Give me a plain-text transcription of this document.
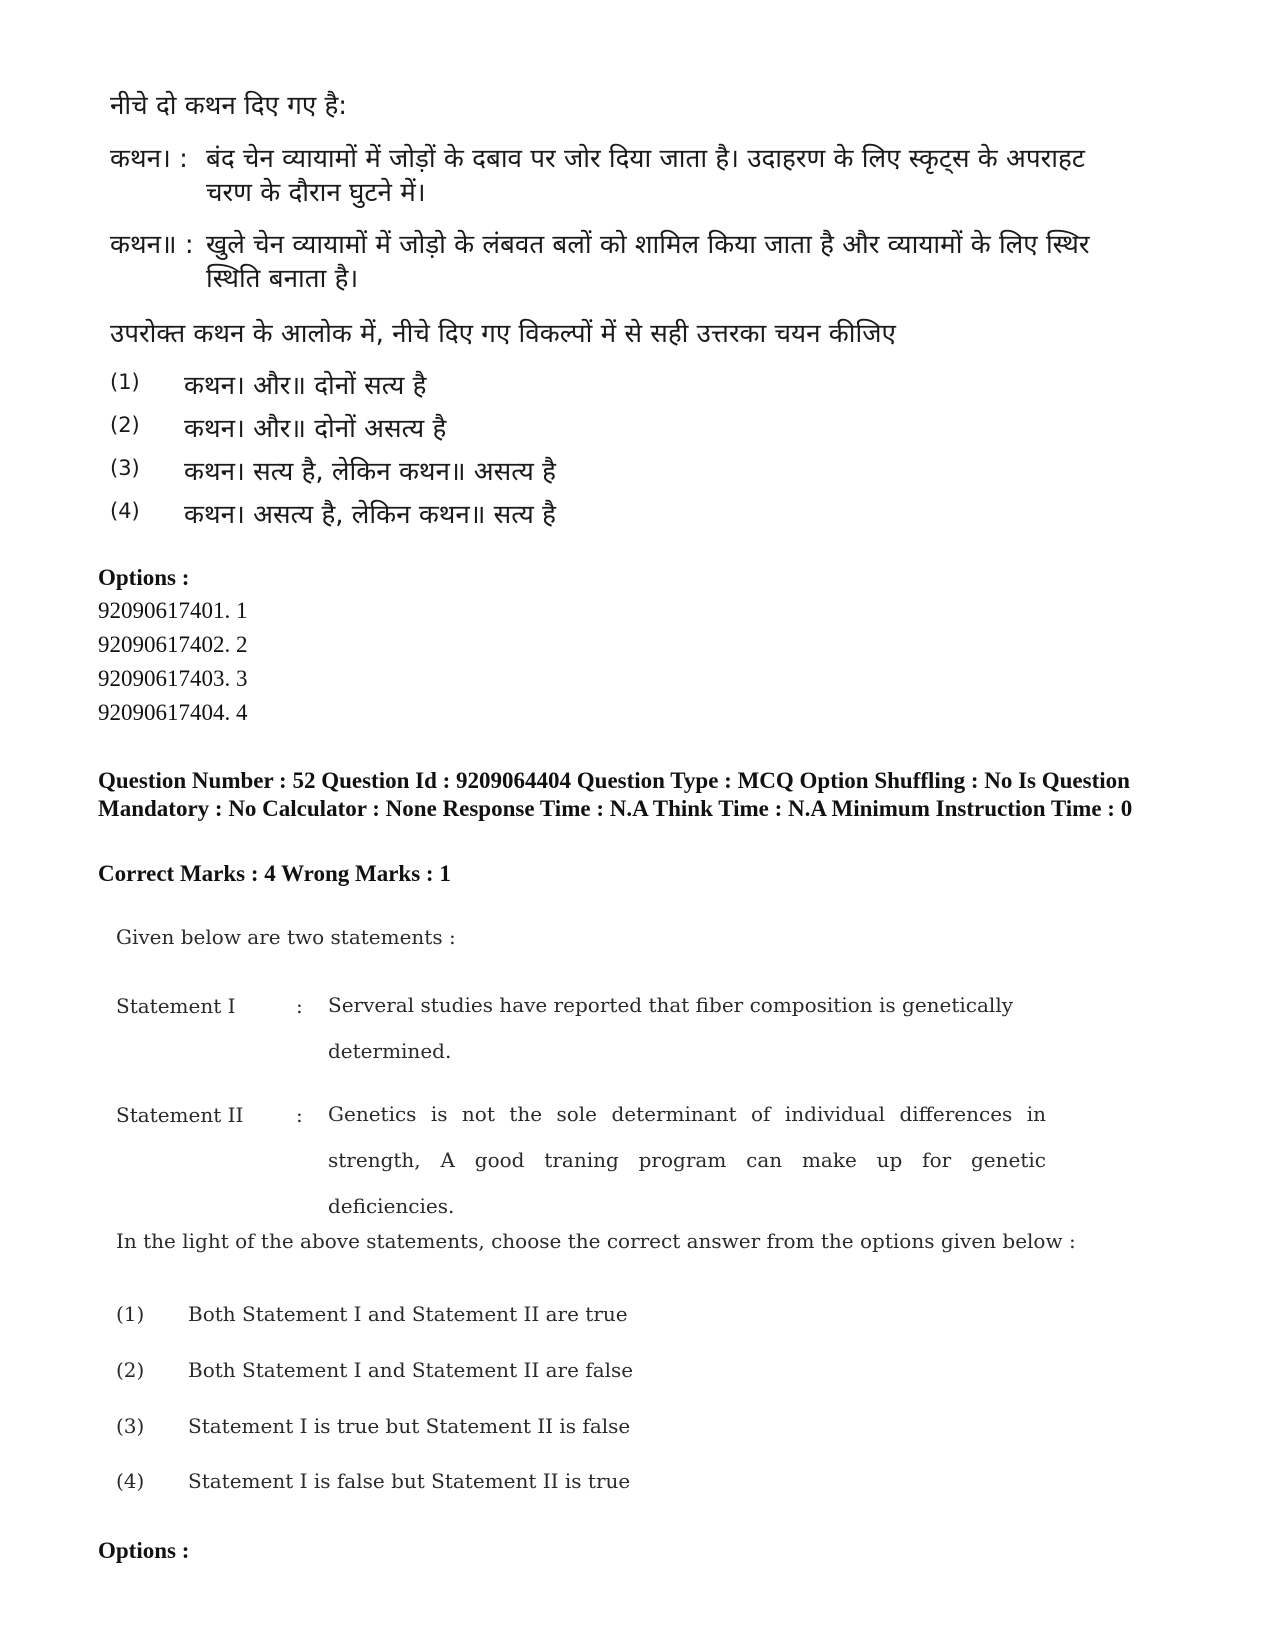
नीचे दो कथन दिए गए है:
कथन। : बंद चेन व्यायामों में जोड़ों के दबाव पर जोर दिया जाता है। उदाहरण के लिए स्कृट्स के अपराहट चरण के दौरान घुटने में।
कथन॥ : खुले चेन व्यायामों में जोड़ो के लंबवत बलों को शामिल किया जाता है और व्यायामों के लिए स्थिर स्थिति बनाता है।
उपरोक्त कथन के आलोक में, नीचे दिए गए विकल्पों में से सही उत्तरका चयन कीजिए
(1) कथन। और॥ दोनों सत्य है
(2) कथन। और॥ दोनों असत्य है
(3) कथन। सत्य है, लेकिन कथन॥ असत्य है
(4) कथन। असत्य है, लेकिन कथन॥ सत्य है
Options :
92090617401. 1
92090617402. 2
92090617403. 3
92090617404. 4
Question Number : 52 Question Id : 9209064404 Question Type : MCQ Option Shuffling : No Is Question Mandatory : No Calculator : None Response Time : N.A Think Time : N.A Minimum Instruction Time : 0
Correct Marks : 4 Wrong Marks : 1
Given below are two statements :
Statement I	: Serveral studies have reported that fiber composition is genetically determined.
Statement II	: Genetics is not the sole determinant of individual differences in strength, A good traning program can make up for genetic deficiencies.
In the light of the above statements, choose the correct answer from the options given below :
(1) Both Statement I and Statement II are true
(2) Both Statement I and Statement II are false
(3) Statement I is true but Statement II is false
(4) Statement I is false but Statement II is true
Options :
